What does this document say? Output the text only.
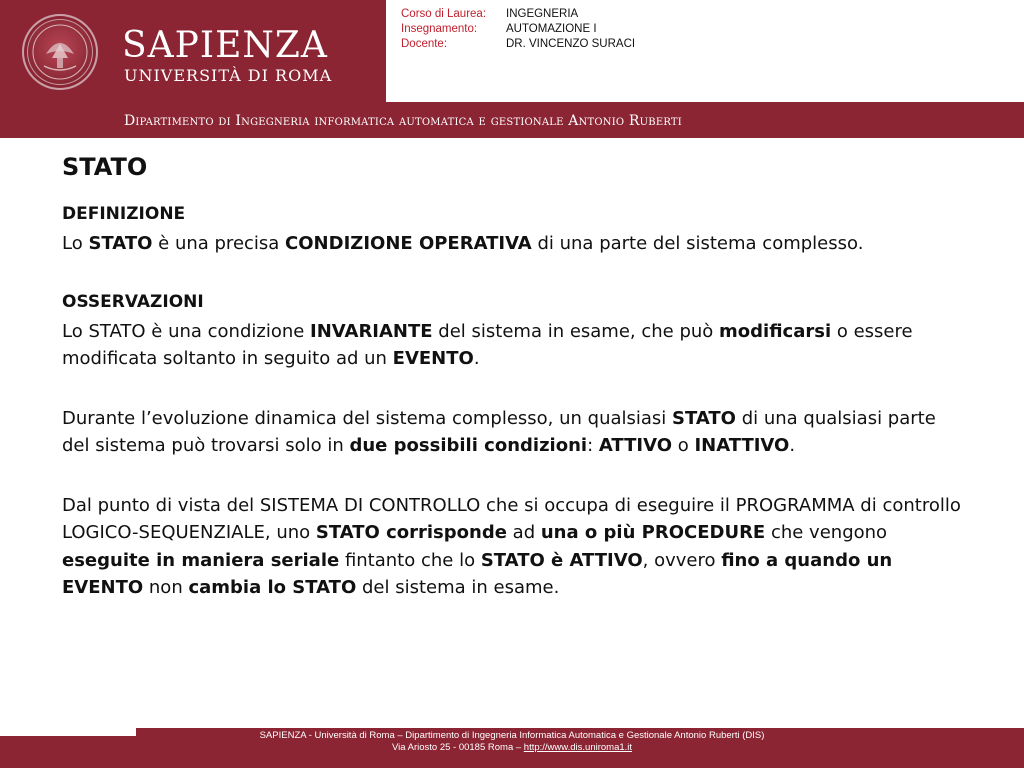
SAPIENZA
UNIVERSITÀ DI ROMA
Corso di Laurea:	INGEGNERIA
Insegnamento:	AUTOMAZIONE I
Docente:	DR. VINCENZO SURACI
Dipartimento di Ingegneria informatica automatica e gestionale Antonio Ruberti
STATO
DEFINIZIONE
Lo STATO è una precisa CONDIZIONE OPERATIVA di una parte del sistema complesso.
OSSERVAZIONI
Lo STATO è una condizione INVARIANTE del sistema in esame, che può modificarsi o essere modificata soltanto in seguito ad un EVENTO.
Durante l’evoluzione dinamica del sistema complesso, un qualsiasi STATO di una qualsiasi parte del sistema può trovarsi solo in due possibili condizioni: ATTIVO o INATTIVO.
Dal punto di vista del SISTEMA DI CONTROLLO che si occupa di eseguire il PROGRAMMA di controllo LOGICO-SEQUENZIALE, uno STATO corrisponde ad una o più PROCEDURE che vengono eseguite in maniera seriale fintanto che lo STATO è ATTIVO, ovvero fino a quando un EVENTO non cambia lo STATO del sistema in esame.
SAPIENZA - Università di Roma – Dipartimento di Ingegneria Informatica Automatica e Gestionale Antonio Ruberti (DIS)
Via Ariosto 25 - 00185 Roma – http://www.dis.uniroma1.it
